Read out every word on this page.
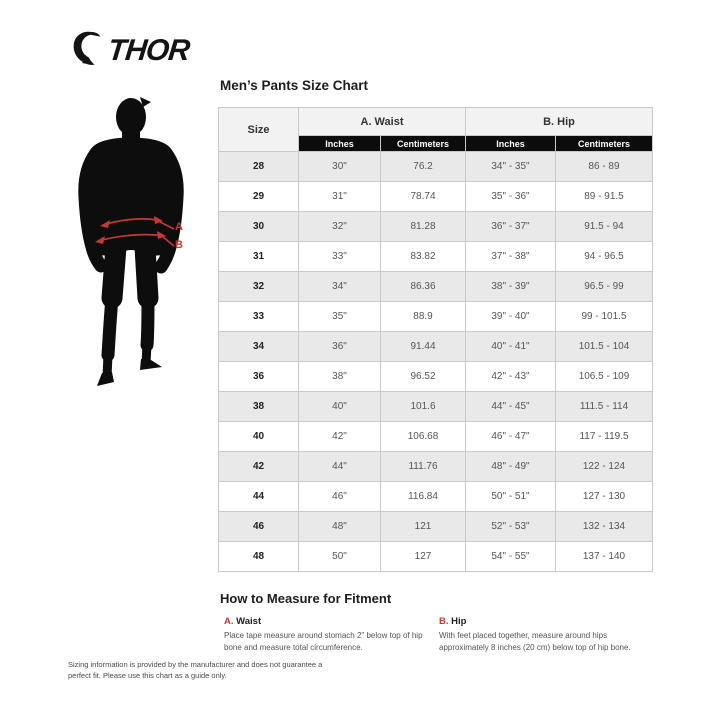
THOR
A
B
Men’s Pants Size Chart
Size	A. Waist		B. Hip	
	Inches	Centimeters	Inches	Centimeters
28	30"	76.2	34" - 35"	86 - 89
29	31"	78.74	35" - 36"	89 - 91.5
30	32"	81.28	36" - 37"	91.5 - 94
31	33"	83.82	37" - 38"	94 - 96.5
32	34"	86.36	38" - 39"	96.5 - 99
33	35"	88.9	39" - 40"	99 - 101.5
34	36"	91.44	40" - 41"	101.5 - 104
36	38"	96.52	42" - 43"	106.5 - 109
38	40"	101.6	44" - 45"	111.5 - 114
40	42"	106.68	46" - 47"	117 - 119.5
42	44"	111.76	48" - 49"	122 - 124
44	46"	116.84	50" - 51"	127 - 130
46	48"	121	52" - 53"	132 - 134
48	50"	127	54" - 55"	137 - 140
How to Measure for Fitment
A. Waist

Place tape measure around stomach 2" below top of hip bone and measure total circumference.

B. Hip

With feet placed together, measure around hips approximately 8 inches (20 cm) below top of hip bone.

Sizing information is provided by the manufacturer and does not guarantee a perfect fit. Please use this chart as a guide only.
